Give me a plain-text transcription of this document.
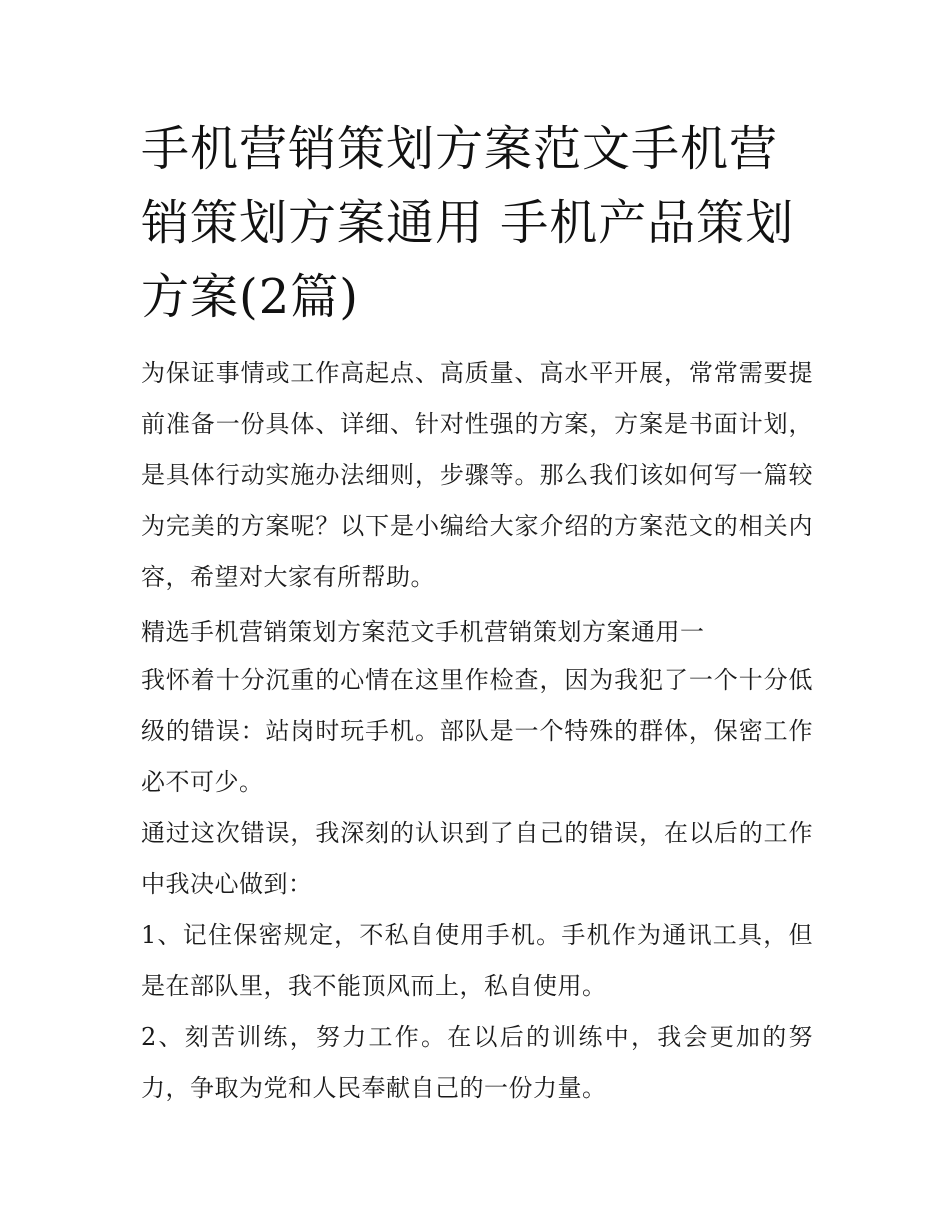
手机营销策划方案范文手机营销策划方案通用 手机产品策划方案(2篇)

为保证事情或工作高起点、高质量、高水平开展，常常需要提前准备一份具体、详细、针对性强的方案，方案是书面计划，是具体行动实施办法细则，步骤等。那么我们该如何写一篇较为完美的方案呢？以下是小编给大家介绍的方案范文的相关内容，希望对大家有所帮助。

精选手机营销策划方案范文手机营销策划方案通用一

我怀着十分沉重的心情在这里作检查，因为我犯了一个十分低级的错误：站岗时玩手机。部队是一个特殊的群体，保密工作必不可少。

通过这次错误，我深刻的认识到了自己的错误，在以后的工作中我决心做到：

1、记住保密规定，不私自使用手机。手机作为通讯工具，但是在部队里，我不能顶风而上，私自使用。

2、刻苦训练，努力工作。在以后的训练中，我会更加的努力，争取为党和人民奉献自己的一份力量。
